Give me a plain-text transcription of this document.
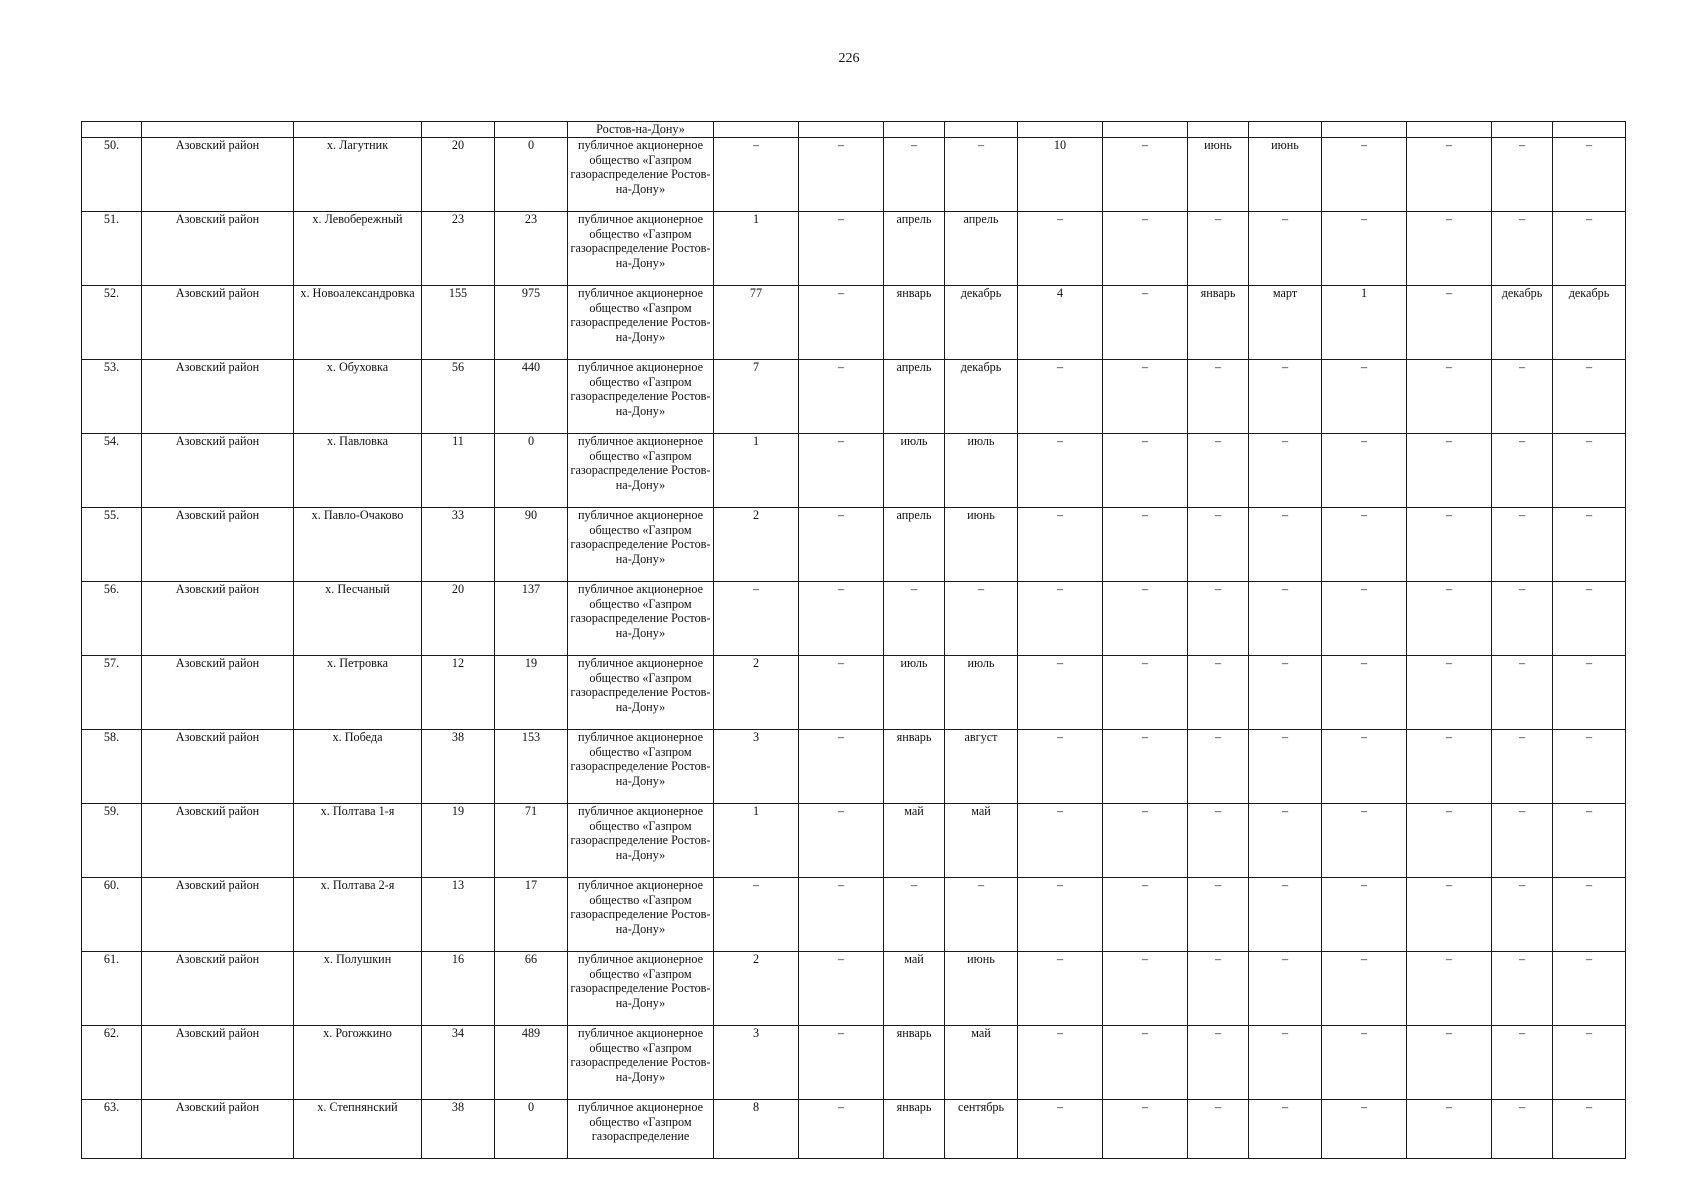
226
					Ростов-на-Дону»												
50.	Азовский район	х. Лагутник	20	0	публичное акционерное общество «Газпром газораспределение Ростов-на-Дону»	–	–	–	–	10	–	июнь	июнь	–	–	–	–
51.	Азовский район	х. Левобережный	23	23	публичное акционерное общество «Газпром газораспределение Ростов-на-Дону»	1	–	апрель	апрель	–	–	–	–	–	–	–	–
52.	Азовский район	х. Новоалександровка	155	975	публичное акционерное общество «Газпром газораспределение Ростов-на-Дону»	77	–	январь	декабрь	4	–	январь	март	1	–	декабрь	декабрь
53.	Азовский район	х. Обуховка	56	440	публичное акционерное общество «Газпром газораспределение Ростов-на-Дону»	7	–	апрель	декабрь	–	–	–	–	–	–	–	–
54.	Азовский район	х. Павловка	11	0	публичное акционерное общество «Газпром газораспределение Ростов-на-Дону»	1	–	июль	июль	–	–	–	–	–	–	–	–
55.	Азовский район	х. Павло-Очаково	33	90	публичное акционерное общество «Газпром газораспределение Ростов-на-Дону»	2	–	апрель	июнь	–	–	–	–	–	–	–	–
56.	Азовский район	х. Песчаный	20	137	публичное акционерное общество «Газпром газораспределение Ростов-на-Дону»	–	–	–	–	–	–	–	–	–	–	–	–
57.	Азовский район	х. Петровка	12	19	публичное акционерное общество «Газпром газораспределение Ростов-на-Дону»	2	–	июль	июль	–	–	–	–	–	–	–	–
58.	Азовский район	х. Победа	38	153	публичное акционерное общество «Газпром газораспределение Ростов-на-Дону»	3	–	январь	август	–	–	–	–	–	–	–	–
59.	Азовский район	х. Полтава 1-я	19	71	публичное акционерное общество «Газпром газораспределение Ростов-на-Дону»	1	–	май	май	–	–	–	–	–	–	–	–
60.	Азовский район	х. Полтава 2-я	13	17	публичное акционерное общество «Газпром газораспределение Ростов-на-Дону»	–	–	–	–	–	–	–	–	–	–	–	–
61.	Азовский район	х. Полушкин	16	66	публичное акционерное общество «Газпром газораспределение Ростов-на-Дону»	2	–	май	июнь	–	–	–	–	–	–	–	–
62.	Азовский район	х. Рогожкино	34	489	публичное акционерное общество «Газпром газораспределение Ростов-на-Дону»	3	–	январь	май	–	–	–	–	–	–	–	–
63.	Азовский район	х. Степнянский	38	0	публичное акционерное общество «Газпром газораспределение	8	–	январь	сентябрь	–	–	–	–	–	–	–	–
